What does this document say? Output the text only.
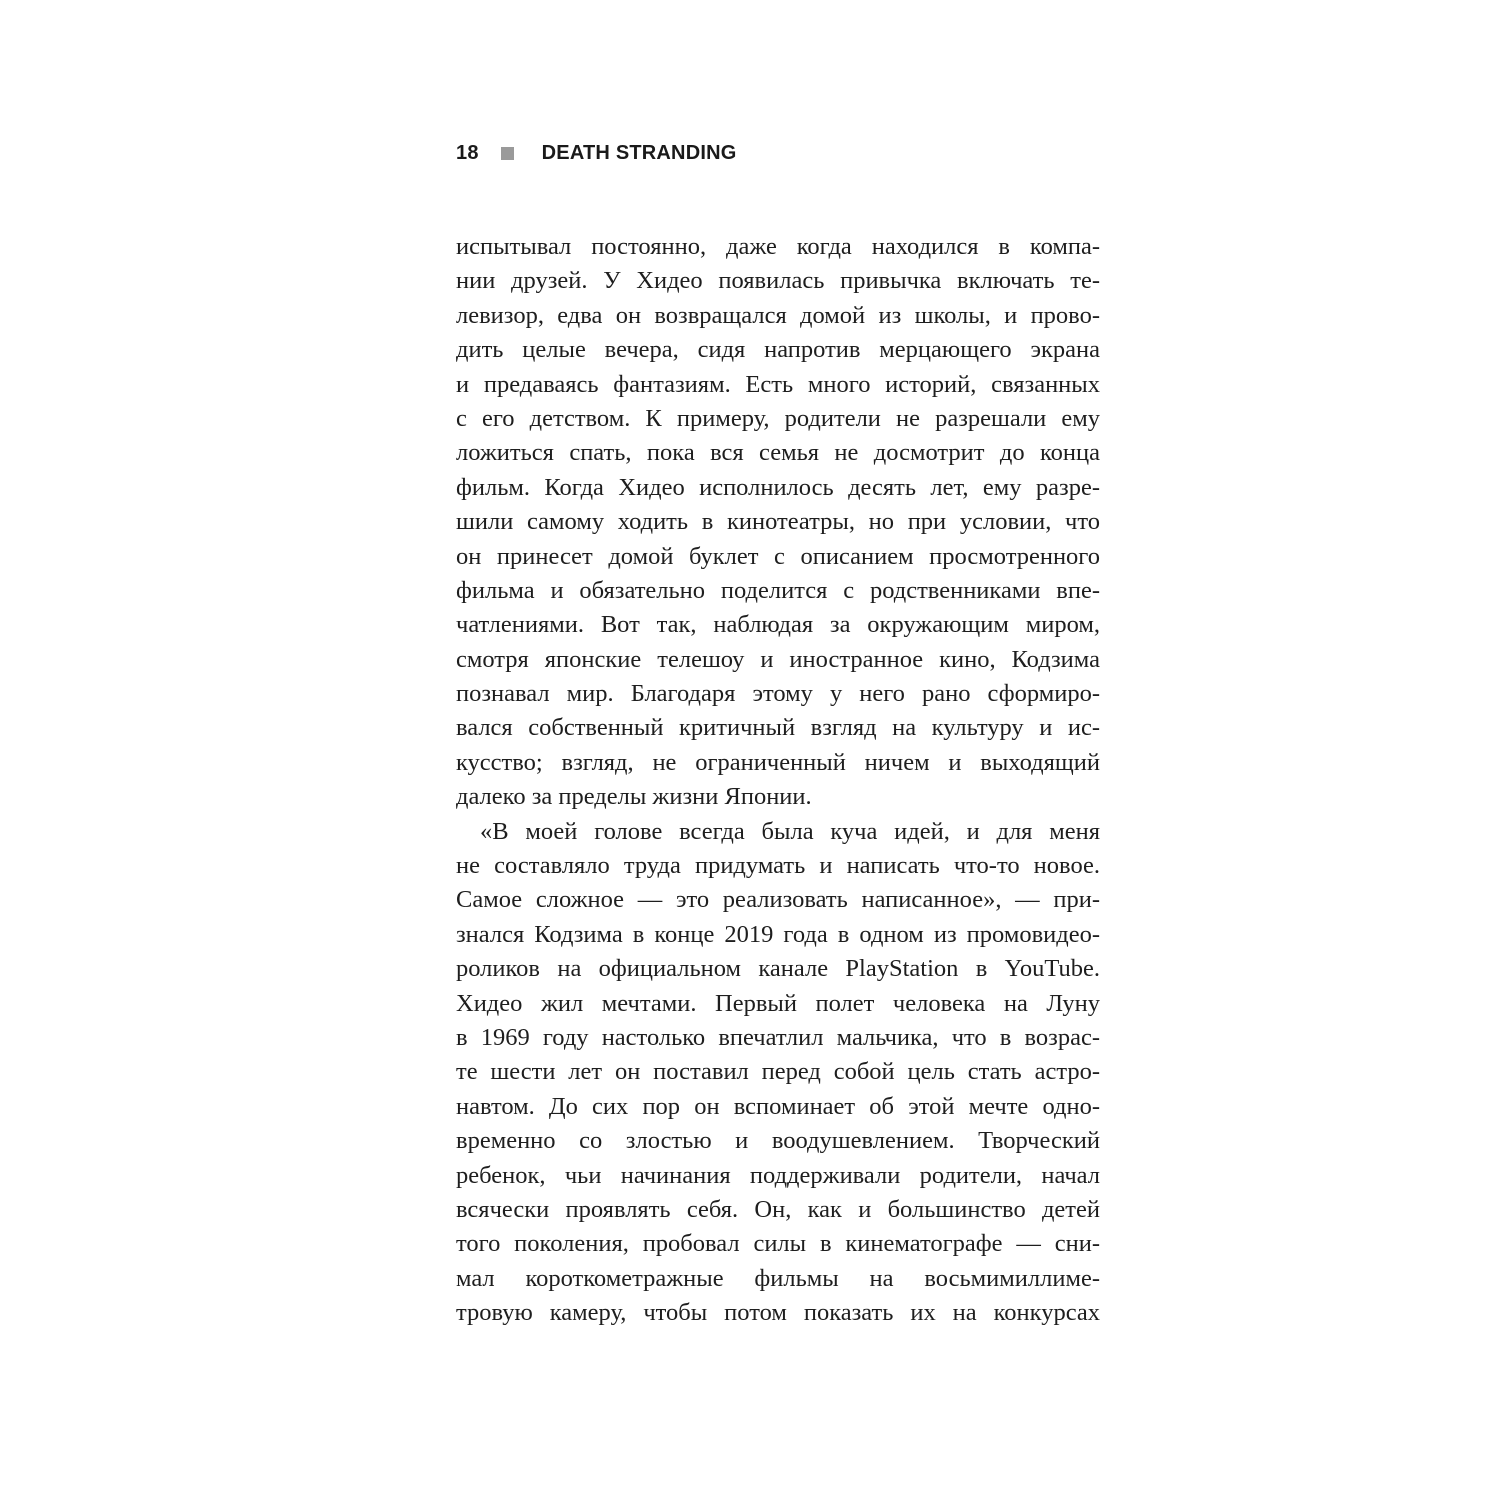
18	DEATH STRANDING
испытывал постоянно, даже когда находился в компа-
нии друзей. У Хидео появилась привычка включать те-
левизор, едва он возвращался домой из школы, и прово-
дить целые вечера, сидя напротив мерцающего экрана
и предаваясь фантазиям. Есть много историй, связанных
с его детством. К примеру, родители не разрешали ему
ложиться спать, пока вся семья не досмотрит до конца
фильм. Когда Хидео исполнилось десять лет, ему разре-
шили самому ходить в кинотеатры, но при условии, что
он принесет домой буклет с описанием просмотренного
фильма и обязательно поделится с родственниками впе-
чатлениями. Вот так, наблюдая за окружающим миром,
смотря японские телешоу и иностранное кино, Кодзима
познавал мир. Благодаря этому у него рано сформиро-
вался собственный критичный взгляд на культуру и ис-
кусство; взгляд, не ограниченный ничем и выходящий
далеко за пределы жизни Японии.
«В моей голове всегда была куча идей, и для меня
не составляло труда придумать и написать что-то новое.
Самое сложное — это реализовать написанное», — при-
знался Кодзима в конце 2019 года в одном из промовидео-
роликов на официальном канале PlayStation в YouTube.
Хидео жил мечтами. Первый полет человека на Луну
в 1969 году настолько впечатлил мальчика, что в возрас-
те шести лет он поставил перед собой цель стать астро-
навтом. До сих пор он вспоминает об этой мечте одно-
временно со злостью и воодушевлением. Творческий
ребенок, чьи начинания поддерживали родители, начал
всячески проявлять себя. Он, как и большинство детей
того поколения, пробовал силы в кинематографе — сни-
мал короткометражные фильмы на восьмимиллиме-
тровую камеру, чтобы потом показать их на конкурсах
